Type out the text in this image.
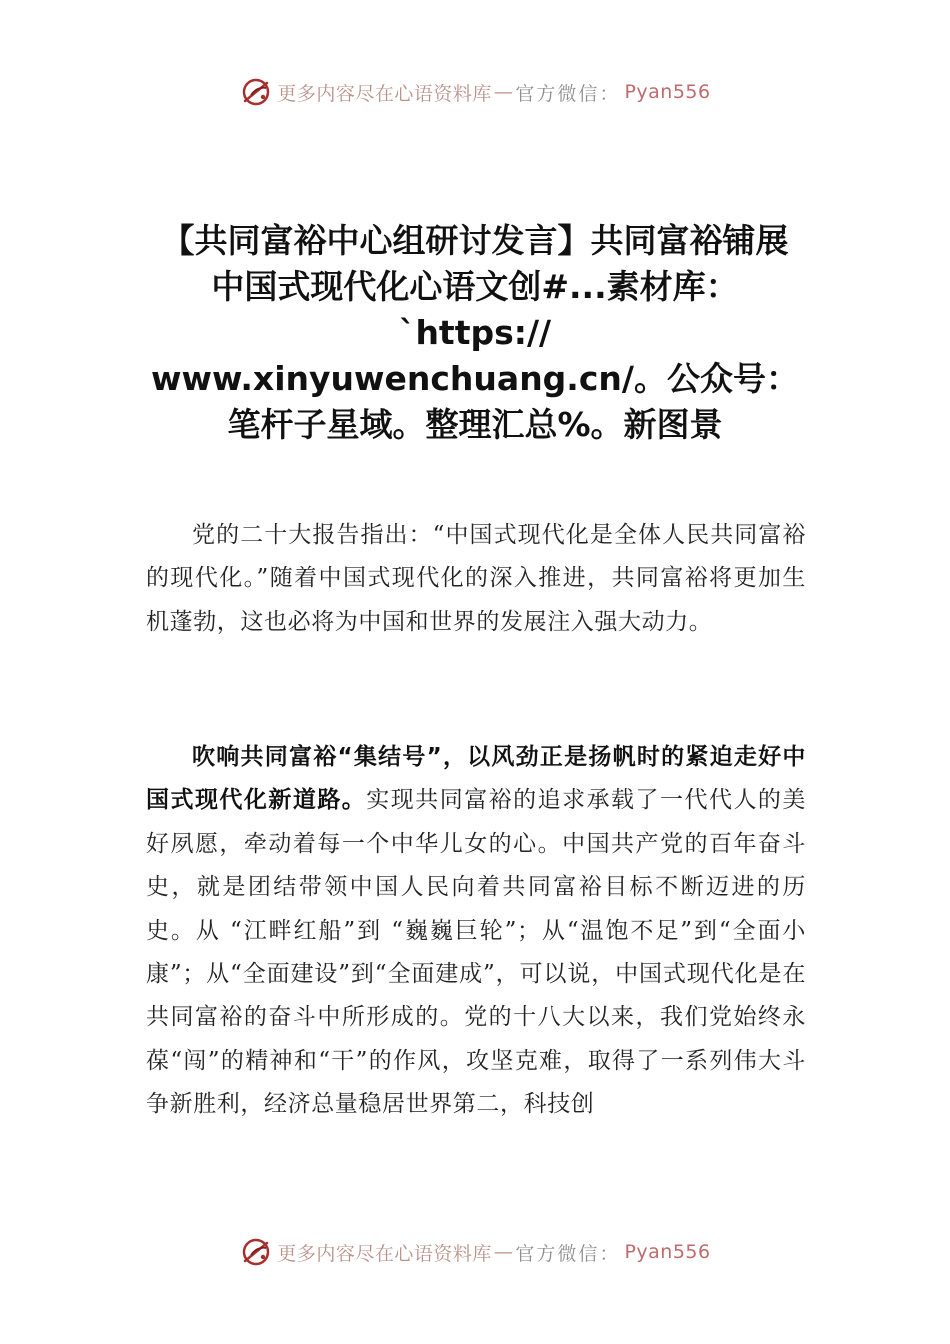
更多内容尽在心语资料库 — 官方微信： Pyan556
【共同富裕中心组研讨发言】共同富裕铺展
中国式现代化心语文创#...素材库：
`https://
www.xinyuwenchuang.cn/。公众号：
笔杆子星域。整理汇总%。新图景

党的二十大报告指出：“中国式现代化是全体人民共同富裕的现代化。”随着中国式现代化的深入推进，共同富裕将更加生机蓬勃，这也必将为中国和世界的发展注入强大动力。

吹响共同富裕“集结号”，以风劲正是扬帆时的紧迫走好中国式现代化新道路。实现共同富裕的追求承载了一代代人的美好夙愿，牵动着每一个中华儿女的心。中国共产党的百年奋斗史，就是团结带领中国人民向着共同富裕目标不断迈进的历史。从 “江畔红船”到 “巍巍巨轮”；从“温饱不足”到“全面小康”；从“全面建设”到“全面建成”，可以说，中国式现代化是在共同富裕的奋斗中所形成的。党的十八大以来，我们党始终永葆“闯”的精神和“干”的作风，攻坚克难，取得了一系列伟大斗争新胜利，经济总量稳居世界第二，科技创

更多内容尽在心语资料库 — 官方微信： Pyan556
